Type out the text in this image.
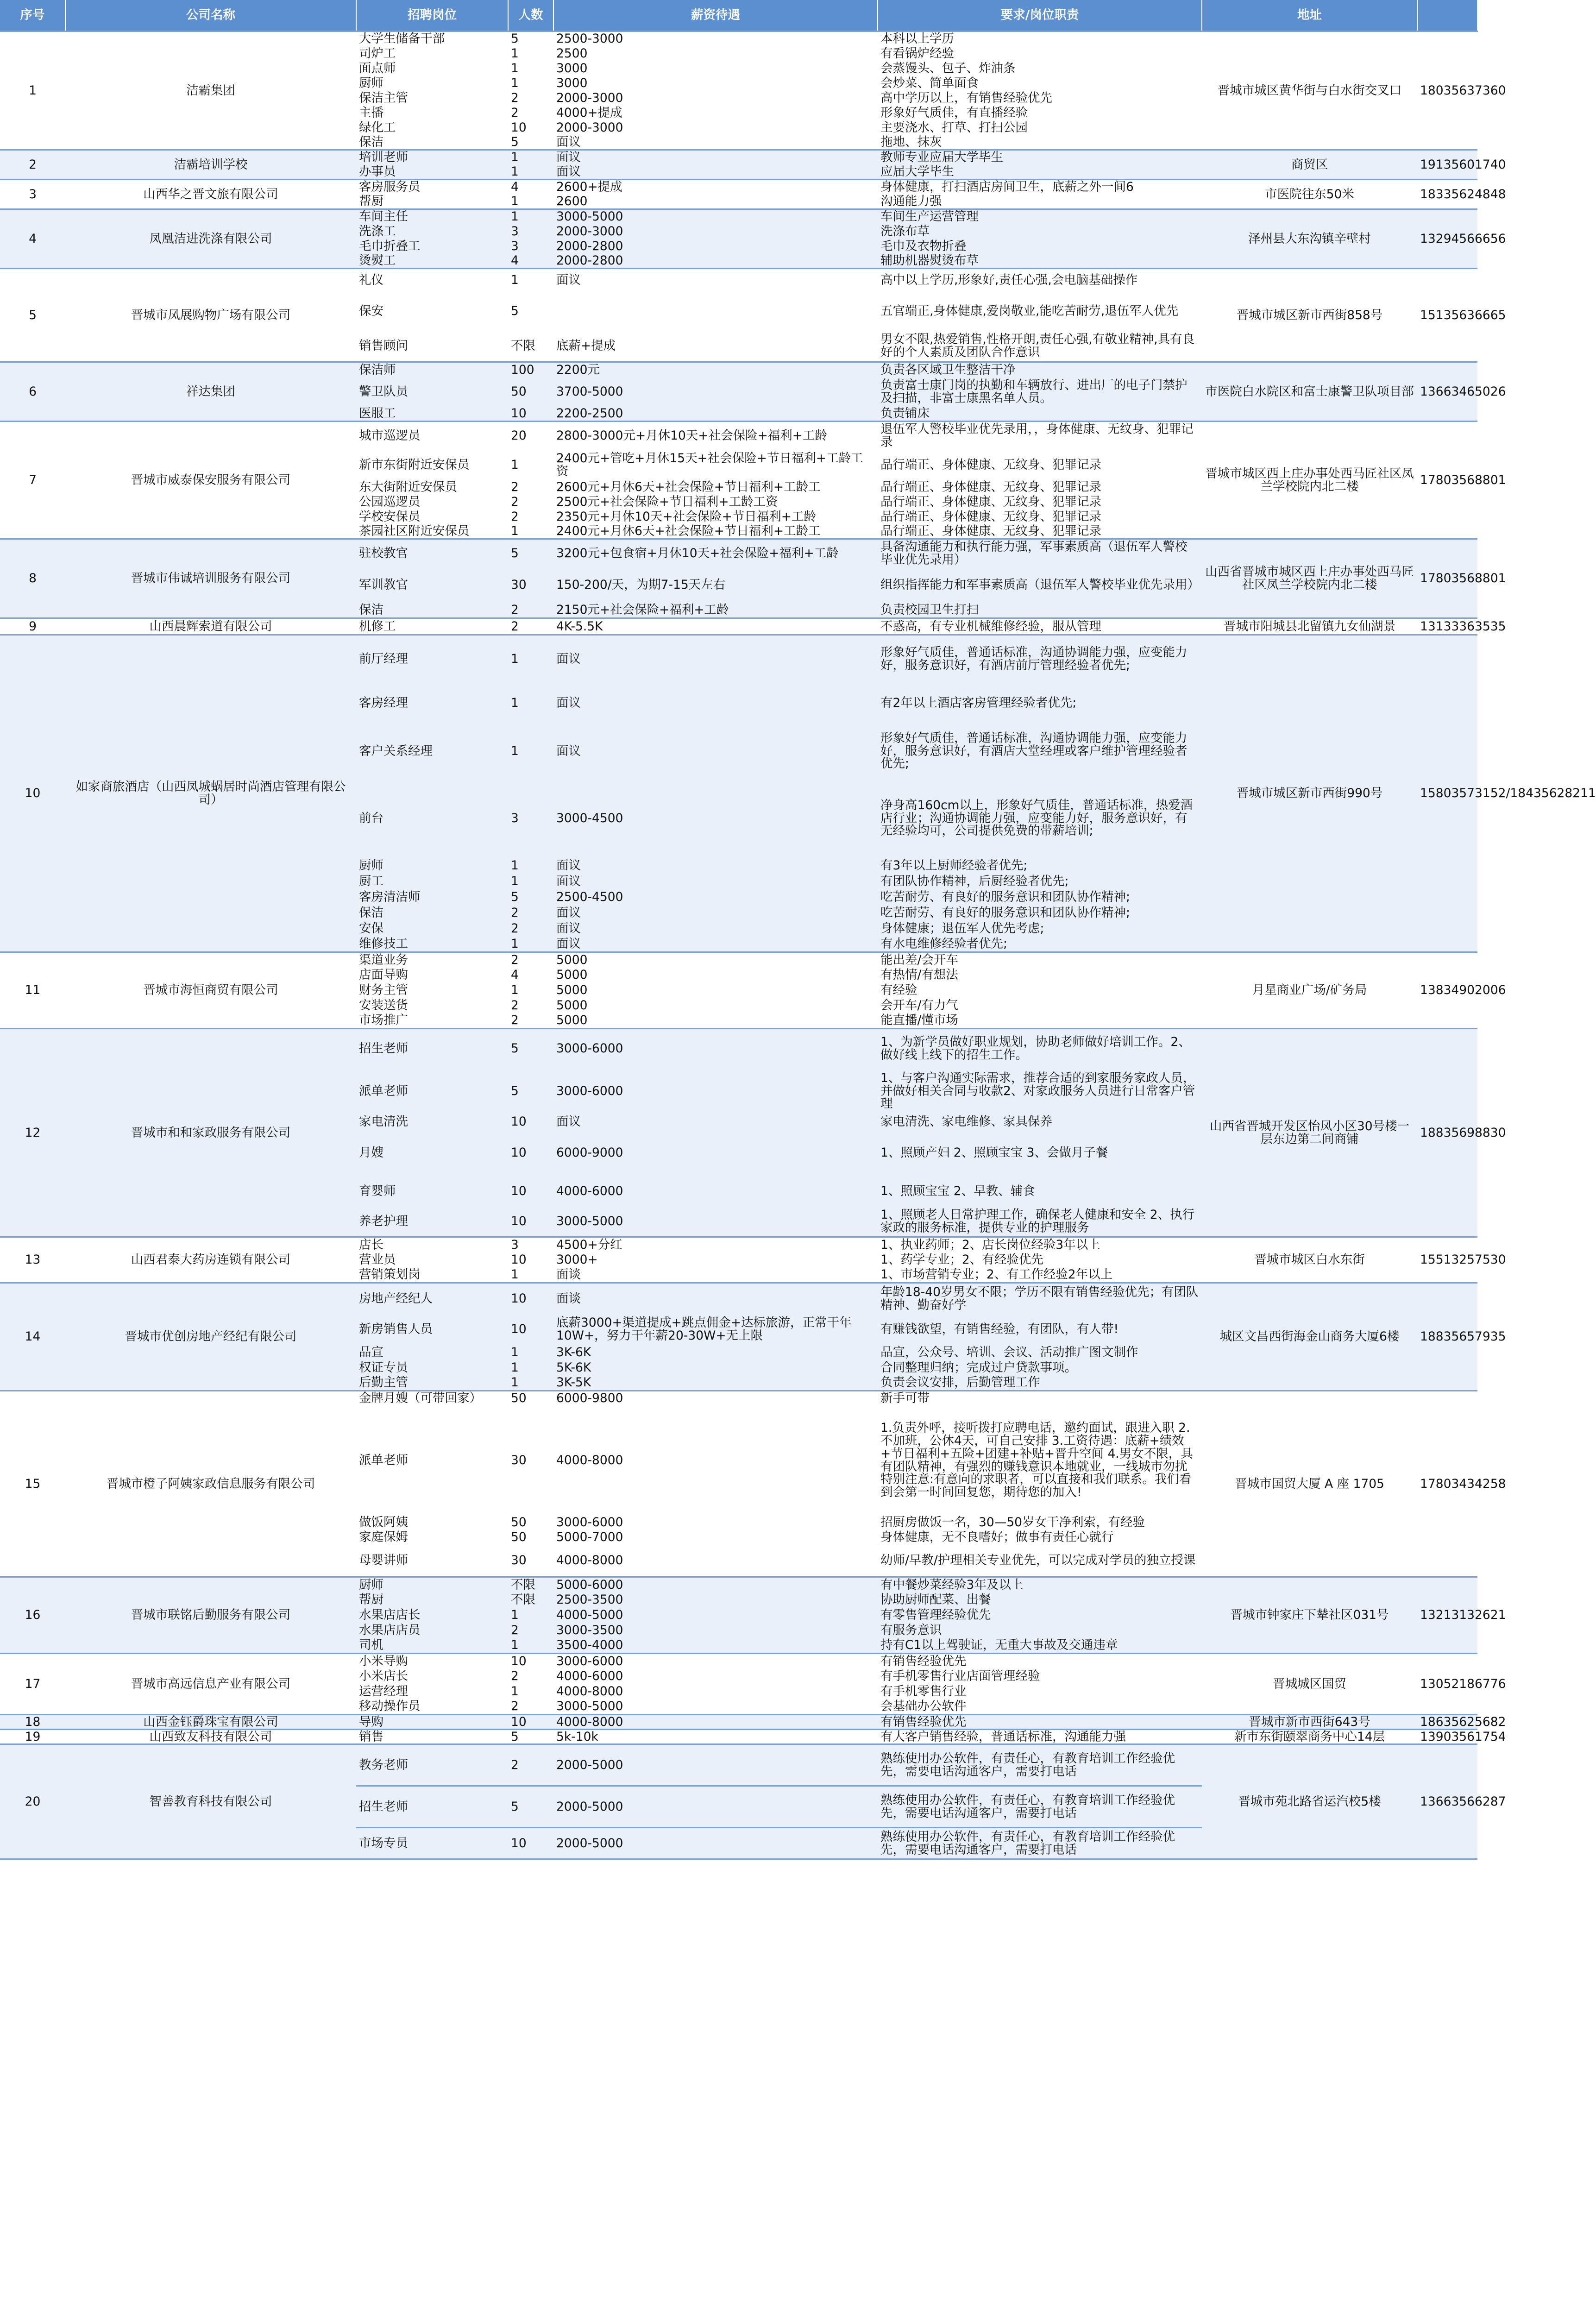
序号	公司名称	招聘岗位	人数	薪资待遇	要求/岗位职责	地址	
1	洁霸集团	大学生储备干部	5	2500-3000	本科以上学历	晋城市城区黄华街与白水街交叉口	18035637360
		司炉工	1	2500	有看锅炉经验		
		面点师	1	3000	会蒸馒头、包子、炸油条		
		厨师	1	3000	会炒菜、简单面食		
		保洁主管	2	2000-3000	高中学历以上，有销售经验优先		
		主播	2	4000+提成	形象好气质佳，有直播经验		
		绿化工	10	2000-3000	主要浇水、打草、打扫公园		
		保洁	5	面议	拖地、抹灰		
2	洁霸培训学校	培训老师	1	面议	教师专业应届大学毕生	商贸区	19135601740
		办事员	1	面议	应届大学毕生		
3	山西华之晋文旅有限公司	客房服务员	4	2600+提成	身体健康，打扫酒店房间卫生，底薪之外一间6	市医院往东50米	18335624848
		帮厨	1	2600	沟通能力强		
4	凤凰洁进洗涤有限公司	车间主任	1	3000-5000	车间生产运营管理	泽州县大东沟镇辛壁村	13294566656
		洗涤工	3	2000-3000	洗涤布草		
		毛巾折叠工	3	2000-2800	毛巾及衣物折叠		
		烫熨工	4	2000-2800	辅助机器熨烫布草		
5	晋城市凤展购物广场有限公司	礼仪	1	面议	高中以上学历,形象好,责任心强,会电脑基础操作	晋城市城区新市西街858号	15135636665
		保安	5		五官端正,身体健康,爱岗敬业,能吃苦耐劳,退伍军人优先		
		销售顾问	不限	底薪+提成	男女不限,热爱销售,性格开朗,责任心强,有敬业精神,具有良好的个人素质及团队合作意识		
6	祥达集团	保洁师	100	2200元	负责各区域卫生整洁干净	市医院白水院区和富士康警卫队项目部	13663465026
		警卫队员	50	3700-5000	负责富士康门岗的执勤和车辆放行、进出厂的电子门禁护及扫描，非富士康黑名单人员。		
		医服工	10	2200-2500	负责铺床		
7	晋城市威泰保安服务有限公司	城市巡逻员	20	2800-3000元+月休10天+社会保险+福利+工龄	退伍军人警校毕业优先录用，，身体健康、无纹身、犯罪记录	晋城市城区西上庄办事处西马匠社区凤兰学校院内北二楼	17803568801
		新市东街附近安保员	1	2400元+管吃+月休15天+社会保险+节日福利+工龄工资	品行端正、身体健康、无纹身、犯罪记录		
		东大街附近安保员	2	2600元+月休6天+社会保险+节日福利+工龄工	品行端正、身体健康、无纹身、犯罪记录		
		公园巡逻员	2	2500元+社会保险+节日福利+工龄工资	品行端正、身体健康、无纹身、犯罪记录		
		学校安保员	2	2350元+月休10天+社会保险+节日福利+工龄	品行端正、身体健康、无纹身、犯罪记录		
		茶园社区附近安保员	1	2400元+月休6天+社会保险+节日福利+工龄工	品行端正、身体健康、无纹身、犯罪记录		
8	晋城市伟诚培训服务有限公司	驻校教官	5	3200元+包食宿+月休10天+社会保险+福利+工龄	具备沟通能力和执行能力强，军事素质高（退伍军人警校毕业优先录用）	山西省晋城市城区西上庄办事处西马匠社区凤兰学校院内北二楼	17803568801
		军训教官	30	150-200/天，为期7-15天左右	组织指挥能力和军事素质高（退伍军人警校毕业优先录用）		
		保洁	2	2150元+社会保险+福利+工龄	负责校园卫生打扫		
9	山西晨辉索道有限公司	机修工	2	4K-5.5K	不惑高，有专业机械维修经验，服从管理	晋城市阳城县北留镇九女仙湖景	13133363535
10	如家商旅酒店（山西凤城蜗居时尚酒店管理有限公司）	前厅经理	1	面议	形象好气质佳，普通话标准，沟通协调能力强，应变能力好，服务意识好，有酒店前厅管理经验者优先;	晋城市城区新市西街990号	15803573152/18435628211
		客房经理	1	面议	有2年以上酒店客房管理经验者优先;		
		客户关系经理	1	面议	形象好气质佳，普通话标准，沟通协调能力强，应变能力好，服务意识好，有酒店大堂经理或客户维护管理经验者优先;		
		前台	3	3000-4500	净身高160cm以上，形象好气质佳，普通话标准，热爱酒店行业；沟通协调能力强，应变能力好，服务意识好，有无经验均可，公司提供免费的带薪培训;		
		厨师	1	面议	有3年以上厨师经验者优先;		
		厨工	1	面议	有团队协作精神，后厨经验者优先;		
		客房清洁师	5	2500-4500	吃苦耐劳、有良好的服务意识和团队协作精神;		
		保洁	2	面议	吃苦耐劳、有良好的服务意识和团队协作精神;		
		安保	2	面议	身体健康；退伍军人优先考虑;		
		维修技工	1	面议	有水电维修经验者优先;		
11	晋城市海恒商贸有限公司	渠道业务	2	5000	能出差/会开车	月星商业广场/矿务局	13834902006
		店面导购	4	5000	有热情/有想法		
		财务主管	1	5000	有经验		
		安装送货	2	5000	会开车/有力气		
		市场推广	2	5000	能直播/懂市场		
12	晋城市和和家政服务有限公司	招生老师	5	3000-6000	1、为新学员做好职业规划，协助老师做好培训工作。2、做好线上线下的招生工作。	山西省晋城开发区怡凤小区30号楼一层东边第二间商铺	18835698830
		派单老师	5	3000-6000	1、与客户沟通实际需求，推荐合适的到家服务家政人员，并做好相关合同与收款2、对家政服务人员进行日常客户管理		
		家电清洗	10	面议	家电清洗、家电维修、家具保养		
		月嫂	10	6000-9000	1、照顾产妇 2、照顾宝宝 3、会做月子餐		
		育婴师	10	4000-6000	1、照顾宝宝 2、早教、辅食		
		养老护理	10	3000-5000	1、照顾老人日常护理工作，确保老人健康和安全 2、执行家政的服务标准，提供专业的护理服务		
13	山西君泰大药房连锁有限公司	店长	3	4500+分红	1、执业药师；2、店长岗位经验3年以上	晋城市城区白水东街	15513257530
		营业员	10	3000+	1、药学专业；2、有经验优先		
		营销策划岗	1	面谈	1、市场营销专业；2、有工作经验2年以上		
14	晋城市优创房地产经纪有限公司	房地产经纪人	10	面谈	年龄18-40岁男女不限；学历不限有销售经验优先；有团队精神、勤奋好学	城区文昌西街海金山商务大厦6楼	18835657935
		新房销售人员	10	底薪3000+渠道提成+跳点佣金+达标旅游，正常干年10W+，努力干年薪20-30W+无上限	有赚钱欲望，有销售经验，有团队，有人带!		
		品宣	1	3K-6K	品宣，公众号、培训、会议、活动推广图文制作		
		权证专员	1	5K-6K	合同整理归纳；完成过户贷款事项。		
		后勤主管	1	3K-5K	负责会议安排，后勤管理工作		
15	晋城市橙子阿姨家政信息服务有限公司	金牌月嫂（可带回家）	50	6000-9800	新手可带	晋城市国贸大厦 A 座 1705	17803434258
		派单老师	30	4000-8000	1.负责外呼，接听拨打应聘电话，邀约面试，跟进入职 2.不加班，公休4天，可自己安排 3.工资待遇：底薪+绩效+节日福利+五险+团建+补贴+晋升空间 4.男女不限，具有团队精神，有强烈的赚钱意识本地就业，一线城市勿扰 特别注意:有意向的求职者，可以直接和我们联系。我们看到会第一时间回复您，期待您的加入!		
		做饭阿姨	50	3000-6000	招厨房做饭一名，30—50岁女干净利索，有经验		
		家庭保姆	50	5000-7000	身体健康，无不良嗜好；做事有责任心就行		
		母婴讲师	30	4000-8000	幼师/早教/护理相关专业优先，可以完成对学员的独立授课		
16	晋城市联铭后勤服务有限公司	厨师	不限	5000-6000	有中餐炒菜经验3年及以上	晋城市钟家庄下辇社区031号	13213132621
		帮厨	不限	2500-3500	协助厨师配菜、出餐		
		水果店店长	1	4000-5000	有零售管理经验优先		
		水果店店员	2	3000-3500	有服务意识		
		司机	1	3500-4000	持有C1以上驾驶证，无重大事故及交通违章		
17	晋城市高远信息产业有限公司	小米导购	10	3000-6000	有销售经验优先	晋城城区国贸	13052186776
		小米店长	2	4000-6000	有手机零售行业店面管理经验		
		运营经理	1	4000-8000	有手机零售行业		
		移动操作员	2	3000-5000	会基础办公软件		
18	山西金钰爵珠宝有限公司	导购	10	4000-8000	有销售经验优先	晋城市新市西街643号	18635625682
19	山西致友科技有限公司	销售	5	5k-10k	有大客户销售经验，普通话标准，沟通能力强	新市东街颐翠商务中心14层	13903561754
20	智善教育科技有限公司	教务老师	2	2000-5000	熟练使用办公软件，有责任心，有教育培训工作经验优先，需要电话沟通客户，需要打电话	晋城市苑北路省运汽校5楼	13663566287
		招生老师	5	2000-5000	熟练使用办公软件，有责任心，有教育培训工作经验优先，需要电话沟通客户，需要打电话		
		市场专员	10	2000-5000	熟练使用办公软件，有责任心，有教育培训工作经验优先，需要电话沟通客户，需要打电话		
